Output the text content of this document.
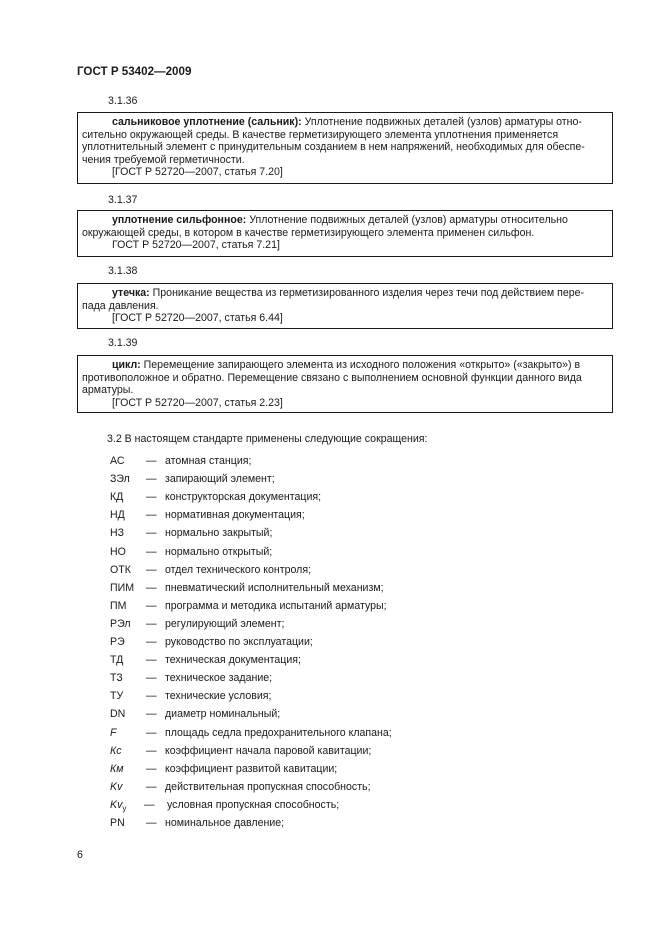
ГОСТ Р 53402—2009
3.1.36

сальниковое уплотнение (сальник): Уплотнение подвижных деталей (узлов) арматуры отно-

сительно окружающей среды. В качестве герметизирующего элемента уплотнения применяется

уплотнительный элемент с принудительным созданием в нем напряжений, необходимых для обеспе-

чения требуемой герметичности.

[ГОСТ Р 52720—2007, статья 7.20]

3.1.37

уплотнение сильфонное: Уплотнение подвижных деталей (узлов) арматуры относительно

окружающей среды, в котором в качестве герметизирующего элемента применен сильфон.

ГОСТ Р 52720—2007, статья 7.21]

3.1.38

утечка: Проникание вещества из герметизированного изделия через течи под действием пере-

пада давления.

[ГОСТ Р 52720—2007, статья 6.44]

3.1.39

цикл: Перемещение запирающего элемента из исходного положения «открыто» («закрыто») в

противоположное и обратно. Перемещение связано с выполнением основной функции данного вида

арматуры.

[ГОСТ Р 52720—2007, статья 2.23]

3.2 В настоящем стандарте применены следующие сокращения:
АС — атомная станция;
ЗЭл — запирающий элемент;
КД — конструкторская документация;
НД — нормативная документация;
НЗ — нормально закрытый;
НО — нормально открытый;
ОТК — отдел технического контроля;
ПИМ — пневматический исполнительный механизм;
ПМ — программа и методика испытаний арматуры;
РЭл — регулирующий элемент;
РЭ — руководство по эксплуатации;
ТД — техническая документация;
ТЗ — техническое задание;
ТУ — технические условия;
DN — диаметр номинальный;
F	— площадь седла предохранительного клапана;
Кс — коэффициент начала паровой кавитации;
Км — коэффициент развитой кавитации;
Kv — действительная пропускная способность;
$Kv_y$ — условная пропускная способность;
PN — номинальное давление;
6
